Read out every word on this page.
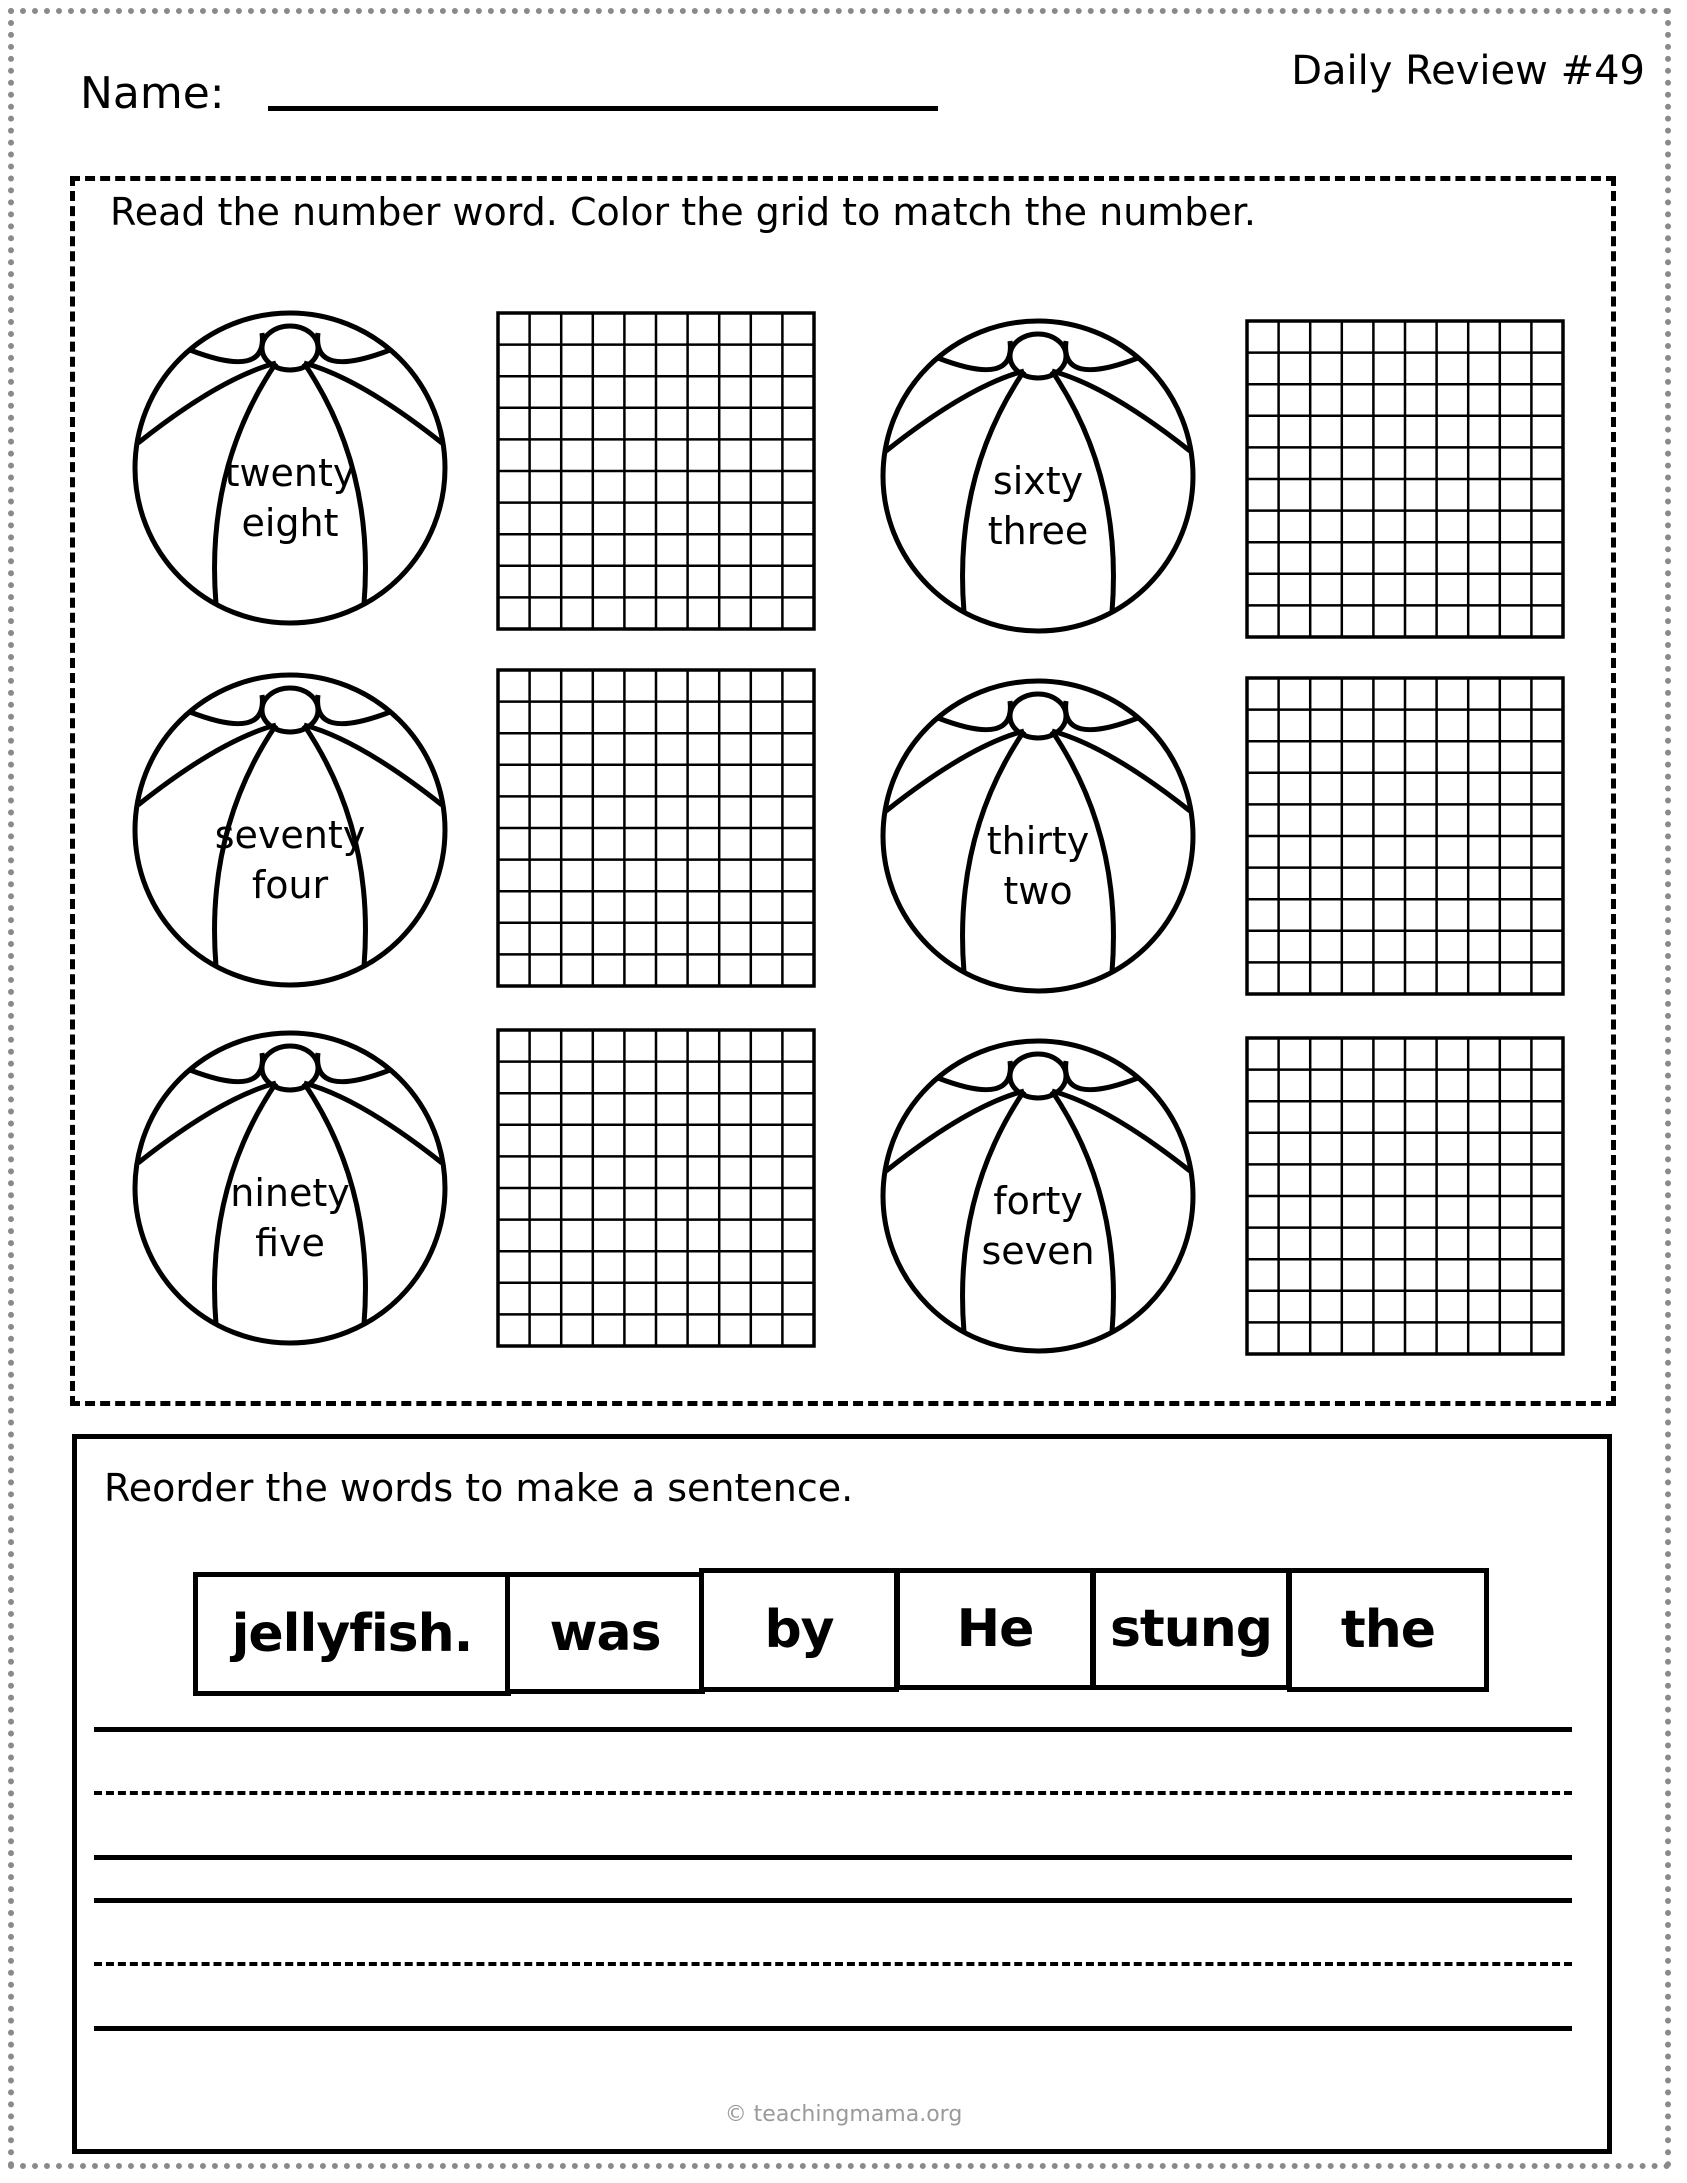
Name:	Daily Review #49
Read the number word. Color the grid to match the number.
twenty
eight
sixty
three
seventy
four
thirty
two
ninety
five
forty
seven
Reorder the words to make a sentence.
jellyfish.	was	by	He	stung	the
© teachingmama.org
